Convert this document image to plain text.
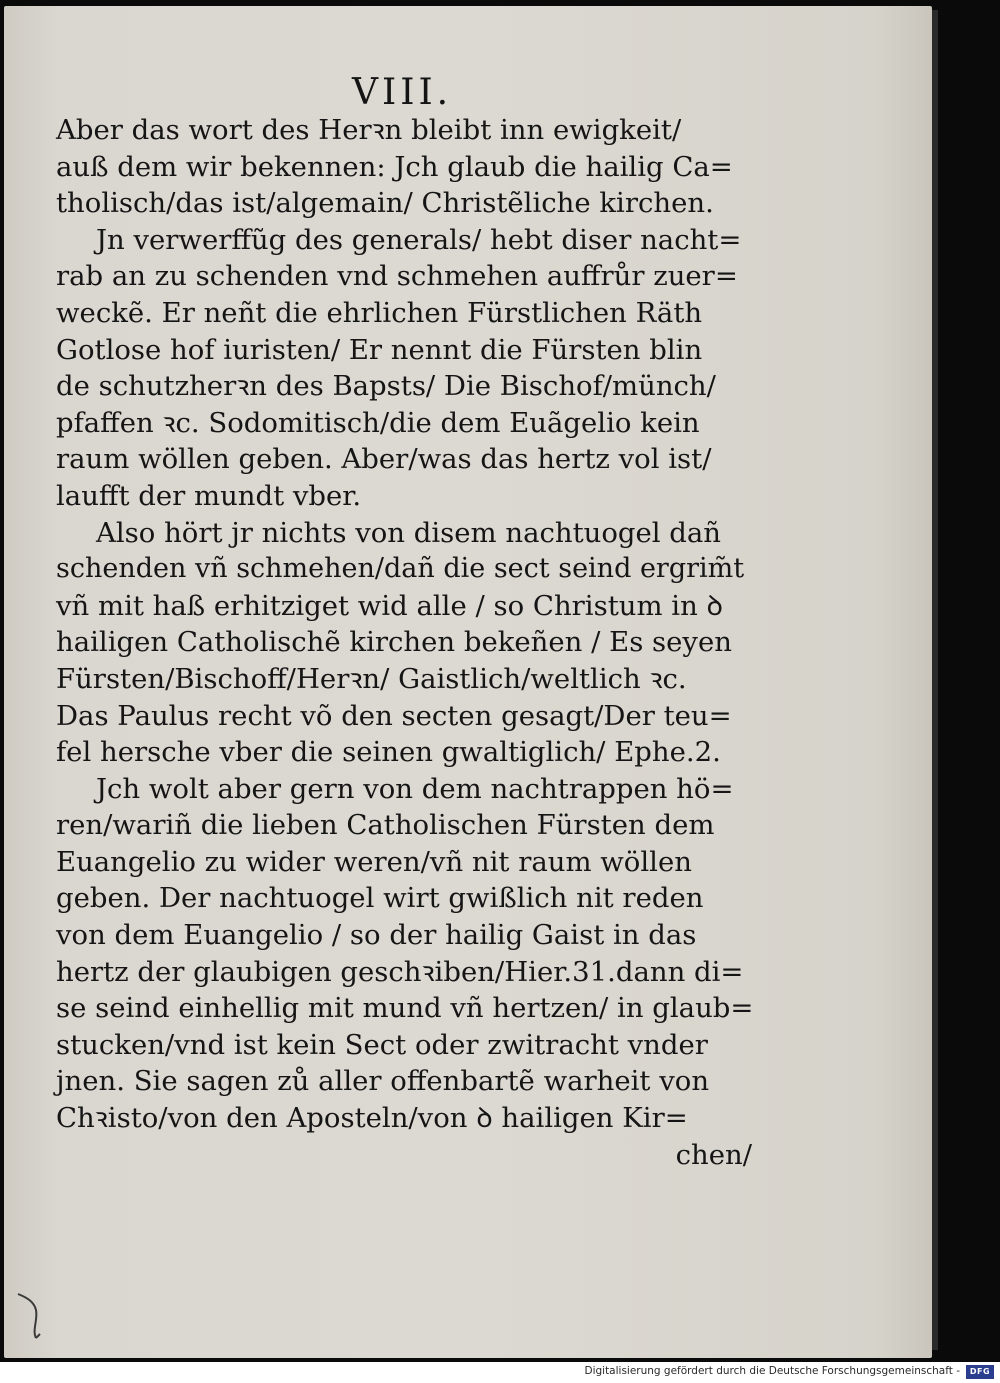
VIII.
Aber das wort des Herꝛn bleibt inn ewigkeit/
auß dem wir bekennen: Jch glaub die hailig Ca=
tholisch/das ist/algemain/ Christẽliche kirchen.
Jn verwerffũg des generals/ hebt diser nacht=
rab an zu schenden vnd schmehen auffrůr zuer=
weckẽ. Er neñt die ehrlichen Fürstlichen Räth
Gotlose hof iuristen/ Er nennt die Fürsten blin
de schutzherꝛn des Bapsts/ Die Bischof/münch/
pfaffen ꝛc. Sodomitisch/die dem Euãgelio kein
raum wöllen geben. Aber/was das hertz vol ist/
laufft der mundt vber.
Also hört jr nichts von disem nachtuogel dañ
schenden vñ schmehen/dañ die sect seind ergrim̃t
vñ mit haß erhitziget wid alle / so Christum in ꝺ
hailigen Catholischẽ kirchen bekeñen / Es seyen
Fürsten/Bischoff/Herꝛn/ Gaistlich/weltlich ꝛc.
Das Paulus recht võ den secten gesagt/Der teu=
fel hersche vber die seinen gwaltiglich/ Ephe.2.
Jch wolt aber gern von dem nachtrappen hö=
ren/wariñ die lieben Catholischen Fürsten dem
Euangelio zu wider weren/vñ nit raum wöllen
geben. Der nachtuogel wirt gwißlich nit reden
von dem Euangelio / so der hailig Gaist in das
hertz der glaubigen geschꝛiben/Hier.31.dann di=
se seind einhellig mit mund vñ hertzen/ in glaub=
stucken/vnd ist kein Sect oder zwitracht vnder
jnen. Sie sagen zů aller offenbartẽ warheit von
Chꝛisto/von den Aposteln/von ꝺ hailigen Kir=
chen/
Digitalisierung gefördert durch die Deutsche Forschungsgemeinschaft -	DFG
